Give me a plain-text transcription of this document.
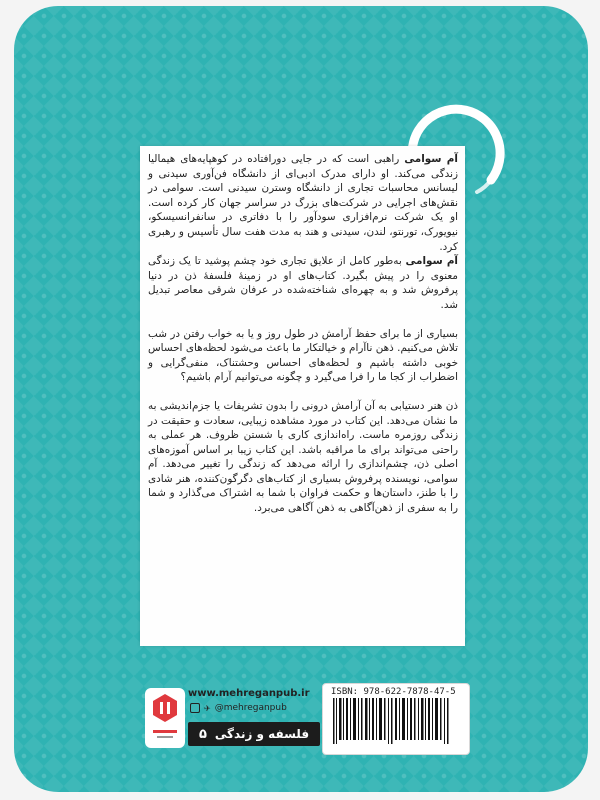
آم سوامی راهبی است که در جایی دورافتاده در کوهپایه‌های هیمالیا زندگی می‌کند. او دارای مدرک ادبی‌ای از دانشگاه فن‌آوری سیدنی و لیسانس محاسبات تجاری از دانشگاه وسترن سیدنی است. سوامی در نقش‌های اجرایی در شرکت‌های بزرگ در سراسر جهان کار کرده است. او یک شرکت نرم‌افزاری سودآور را با دفاتری در سانفرانسیسکو، نیویورک، تورنتو، لندن، سیدنی و هند به مدت هفت سال تأسیس و رهبری کرد.

آم سوامی به‌طور کامل از علایق تجاری خود چشم پوشید تا یک زندگی معنوی را در پیش بگیرد. کتاب‌های او در زمینهٔ فلسفهٔ ذن در دنیا پرفروش شد و به چهره‌ای شناخته‌شده در عرفان شرقی معاصر تبدیل شد.

بسیاری از ما برای حفظ آرامش در طول روز و یا به خواب رفتن در شب تلاش می‌کنیم. ذهن ناآرام و خیالتکار ما باعث می‌شود لحظه‌های احساس خوبی داشته باشیم و لحظه‌های احساس وحشتناک، منفی‌گرایی و اضطراب از کجا ما را فرا می‌گیرد و چگونه می‌توانیم آرام باشیم؟

ذن هنر دستیابی به آن آرامش درونی را بدون تشریفات یا جزم‌اندیشی به ما نشان می‌دهد. این کتاب در مورد مشاهده زیبایی، سعادت و حقیقت در زندگی روزمره ماست. راه‌اندازی کاری با شستن ظروف. هر عملی به راحتی می‌تواند برای ما مراقبه باشد. این کتاب زیبا بر اساس آموزه‌های اصلی ذن، چشم‌اندازی را ارائه می‌دهد که زندگی را تغییر می‌دهد. آم سوامی، نویسنده پرفروش بسیاری از کتاب‌های دگرگون‌کننده، هنر شادی را با طنز، داستان‌ها و حکمت فراوان با شما به اشتراک می‌گذارد و شما را به سفری از ذهن‌آگاهی به ذهن آگاهی می‌برد.

www.mehreganpub.ir
✈ @mehreganpub
فلسفه و زندگی
۵
ISBN: 978-622-7878-47-5
